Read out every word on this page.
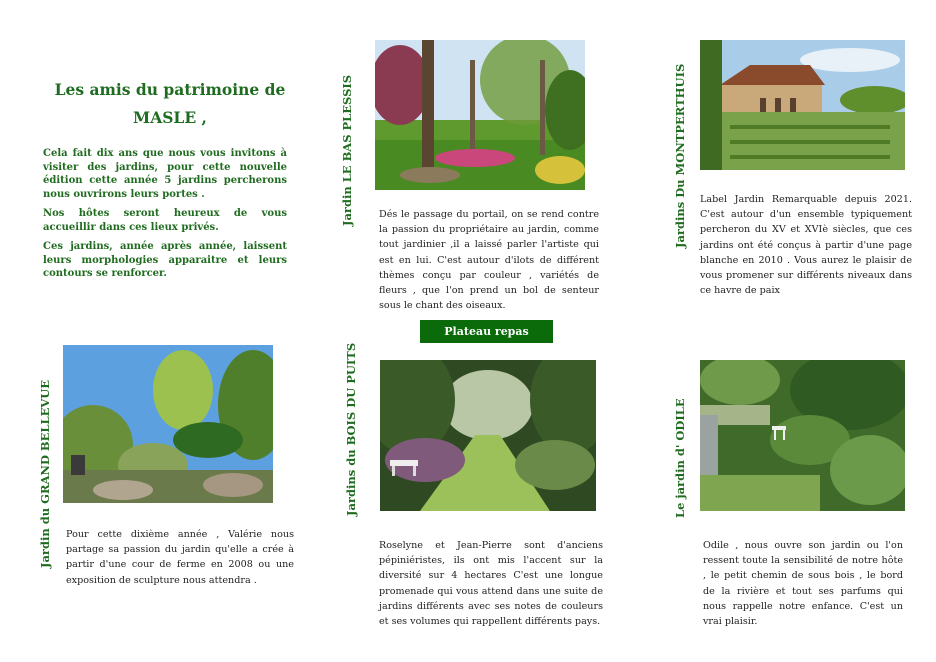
Les amis du patrimoine de
MASLE ,

Cela fait dix ans que nous vous invitons à visiter des jardins, pour cette nouvelle édition cette année 5 jardins percherons nous ouvrirons leurs portes .

Nos hôtes seront heureux de vous accueillir dans ces lieux privés.

Ces jardins, année après année, laissent leurs morphologies apparaitre et leurs contours se renforcer.

Jardin LE BAS PLESSIS	Dés le passage du portail, on se rend contre la passion du propriétaire au jardin, comme tout jardinier ,il a laissé parler l'artiste qui est en lui. C'est autour d'ilots de différent thèmes conçu par couleur , variétés de fleurs , que l'on prend un bol de senteur sous le chant des oiseaux.
Jardins Du MONTPERTHUIS Label Jardin Remarquable depuis 2021. C'est autour d'un ensemble typiquement percheron du XV et XVIè siècles, que ces jardins ont été conçus à partir d'une page blanche en 2010 . Vous aurez le plaisir de vous promener sur différents niveaux dans ce havre de paix
Plateau repas
Jardin du GRAND BELLEVUE Pour cette dixième année , Valérie nous partage sa passion du jardin qu'elle a crée à partir d'une cour de ferme en 2008 ou une exposition de sculpture nous attendra .
Jardins du BOIS DU PUITS
Roselyne et Jean-Pierre sont d'anciens pépiniéristes, ils ont mis l'accent sur la diversité sur 4 hectares C'est une longue promenade qui vous attend dans une suite de jardins différents avec ses notes de couleurs et ses volumes qui rappellent différents pays.
Le jardin d' ODILE
Odile , nous ouvre son jardin ou l'on ressent toute la sensibilité de notre hôte , le petit chemin de sous bois , le bord de la rivière et tout ses parfums qui nous rappelle notre enfance. C'est un vrai plaisir.
